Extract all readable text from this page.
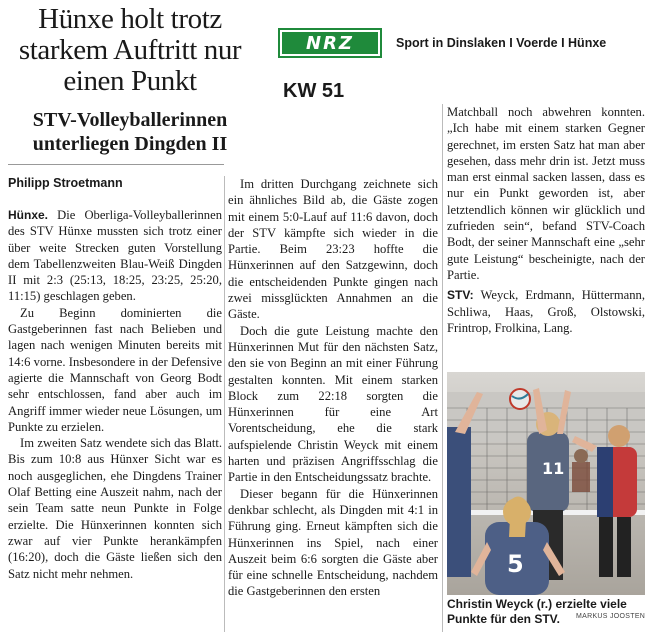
Hünxe holt trotz starkem Auftritt nur einen Punkt
STV-Volleyballerinnen unterliegen Dingden II
NRZ	Sport in Dinslaken I Voerde I Hünxe
KW 51
Philipp Stroetmann

Hünxe. Die Oberliga-Volleyballerinnen des STV Hünxe mussten sich trotz einer über weite Strecken guten Vorstellung dem Tabellenzweiten Blau-Weiß Dingden II mit 2:3 (25:13, 18:25, 23:25, 25:20, 11:15) geschlagen geben.

Zu Beginn dominierten die Gastgeberinnen fast nach Belieben und lagen nach wenigen Minuten bereits mit 14:6 vorne. Insbesondere in der Defensive agierte die Mannschaft von Georg Bodt sehr entschlossen, fand aber auch im Angriff immer wieder neue Lösungen, um Punkte zu erzielen.

Im zweiten Satz wendete sich das Blatt. Bis zum 10:8 aus Hünxer Sicht war es noch ausgeglichen, ehe Dingdens Trainer Olaf Betting eine Auszeit nahm, nach der sein Team satte neun Punkte in Folge erzielte. Die Hünxerinnen konnten sich zwar auf vier Punkte herankämpfen (16:20), doch die Gäste ließen sich den Satz nicht mehr nehmen.

Im dritten Durchgang zeichnete sich ein ähnliches Bild ab, die Gäste zogen mit einem 5:0-Lauf auf 11:6 davon, doch der STV kämpfte sich wieder in die Partie. Beim 23:23 hoffte die Hünxerinnen auf den Satzgewinn, doch die entscheidenden Punkte gingen nach zwei missglückten Annahmen an die Gäste.

Doch die gute Leistung machte den Hünxerinnen Mut für den nächsten Satz, den sie von Beginn an mit einer Führung gestalten konnten. Mit einem starken Block zum 22:18 sorgten die Hünxerinnen für eine Art Vorentscheidung, ehe die stark aufspielende Christin Weyck mit einem harten und präzisen Angriffsschlag die Partie in den Entscheidungssatz brachte.

Dieser begann für die Hünxerinnen denkbar schlecht, als Dingden mit 4:1 in Führung ging. Erneut kämpften sich die Hünxerinnen ins Spiel, nach einer Auszeit beim 6:6 sorgten die Gäste aber für eine schnelle Entscheidung, nachdem die Gastgeberinnen den ersten

Matchball noch abwehren konnten. „Ich habe mit einem starken Gegner gerechnet, im ersten Satz hat man aber gesehen, dass mehr drin ist. Jetzt muss man erst einmal sacken lassen, dass es nur ein Punkt geworden ist, aber letztendlich können wir glücklich und zufrieden sein“, befand STV-Coach Bodt, der seiner Mannschaft eine „sehr gute Leistung“ bescheinigte, nach der Partie.

STV: Weyck, Erdmann, Hüttermann, Schliwa, Haas, Groß, Olstowski, Frintrop, Frolkina, Lang.

11
5
Christin Weyck (r.) erzielte viele Punkte für den STV.	MARKUS JOOSTEN
